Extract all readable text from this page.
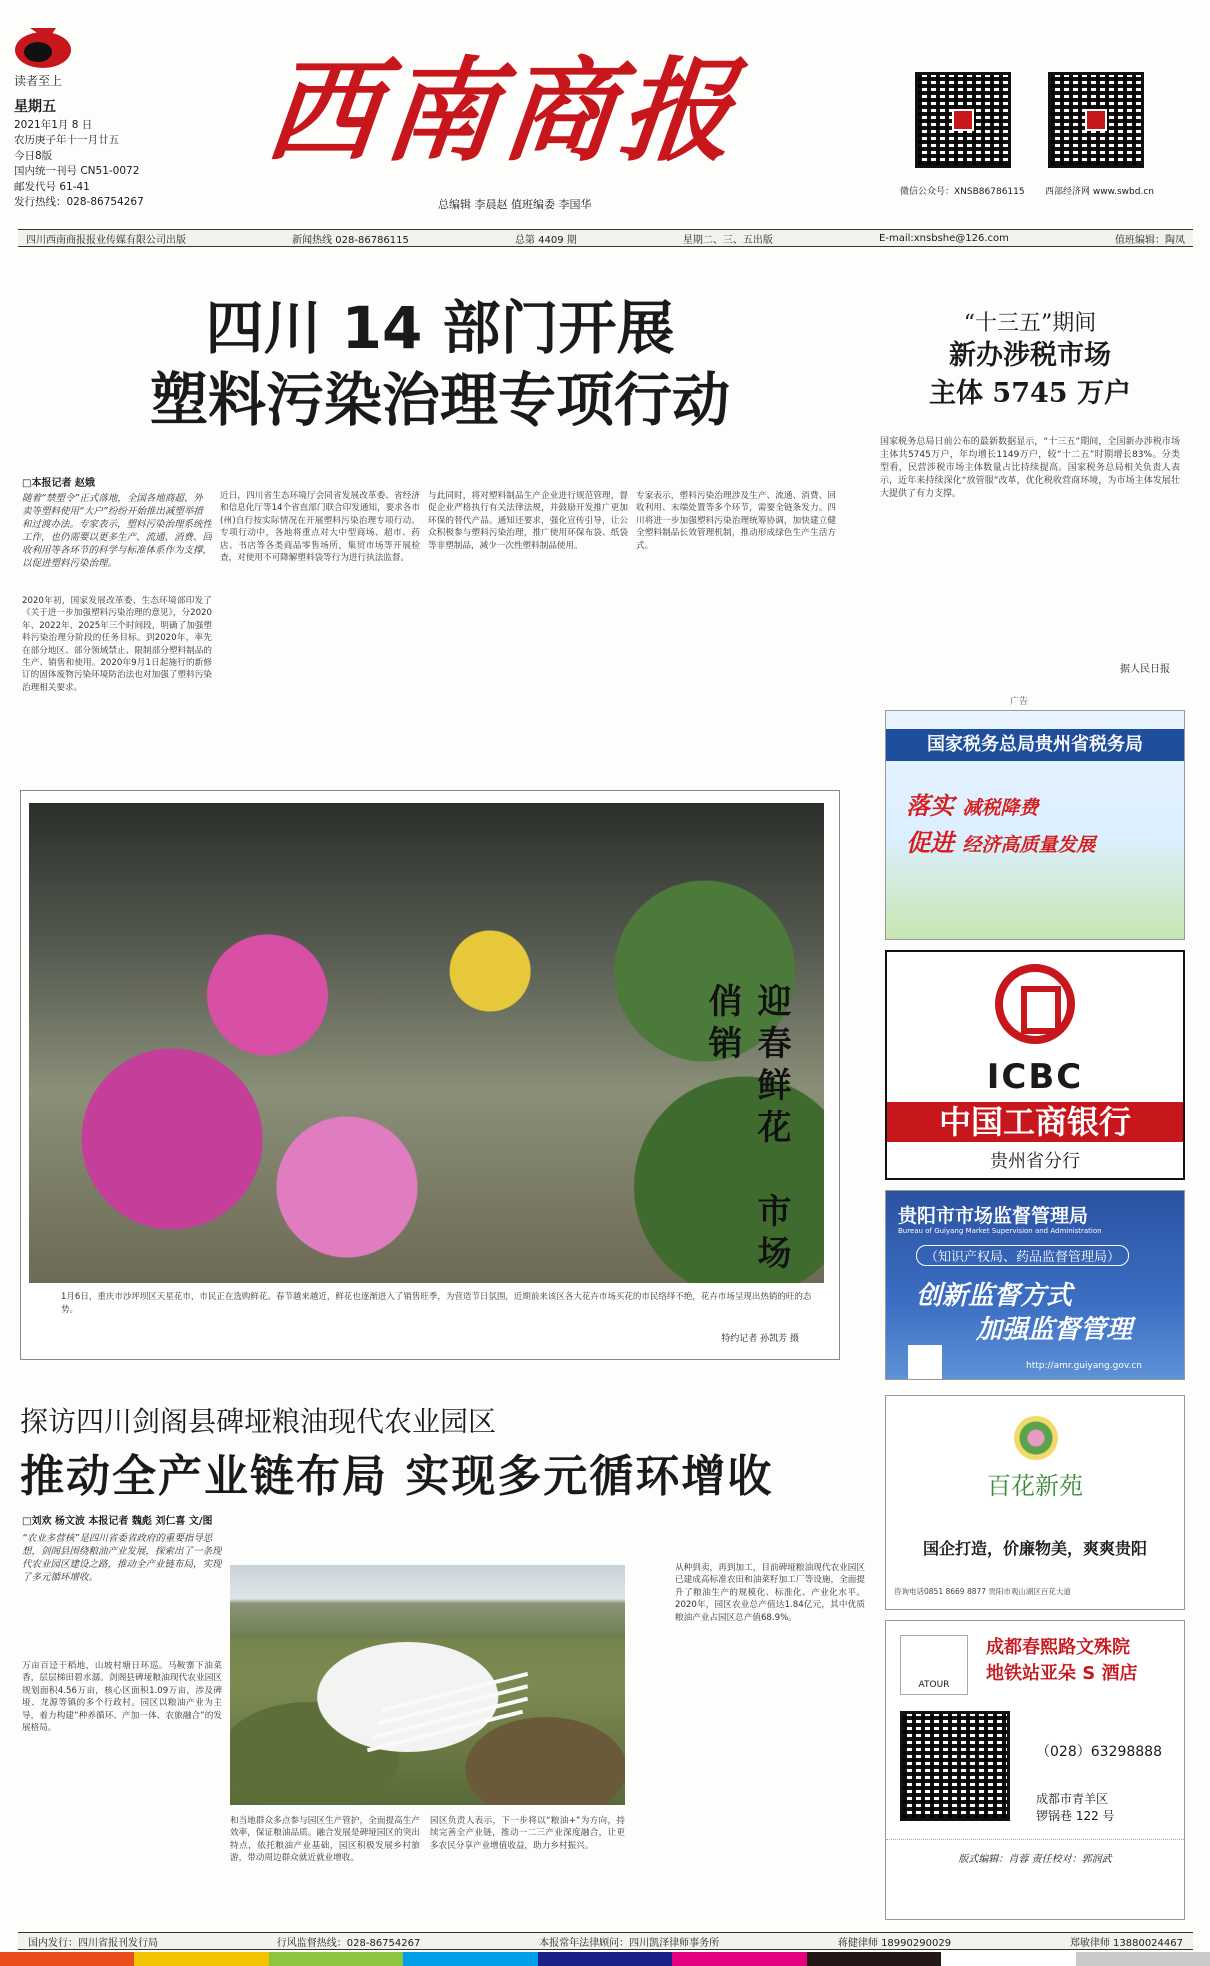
读者至上
星期五
2021年1月 8 日
农历庚子年十一月廿五
今日8版
国内统一刊号 CN51-0072
邮发代号 61-41
发行热线：028-86754267
西南商报
总编辑 李晨赵 值班编委 李国华
微信公众号：XNSB86786115 西部经济网 www.swbd.cn
四川西南商报报业传媒有限公司出版	新闻热线 028-86786115	总第 4409 期	星期二、三、五出版	E-mail:xnsbshe@126.com	值班编辑：陶凤
四川 14 部门开展
塑料污染治理专项行动
□本报记者 赵娥
随着“禁塑令”正式落地，全国各地商超、外卖等塑料使用“大户”纷纷开始推出减塑举措和过渡办法。专家表示，塑料污染治理系统性工作，也仍需要以更多生产、流通、消费、回收利用等各环节的科学与标准体系作为支撑，以促进塑料污染治理。
2020年初，国家发展改革委、生态环境部印发了《关于进一步加强塑料污染治理的意见》，分2020年、2022年、2025年三个时间段，明确了加强塑料污染治理分阶段的任务目标。到2020年，率先在部分地区、部分领域禁止、限制部分塑料制品的生产、销售和使用。2020年9月1日起施行的新修订的固体废物污染环境防治法也对加强了塑料污染治理相关要求。
近日，四川省生态环境厅会同省发展改革委、省经济和信息化厅等14个省直部门联合印发通知，要求各市(州)自行按实际情况在开展塑料污染治理专项行动。专项行动中，各地将重点对大中型商场、超市、药店、书店等各类商品零售场所，集贸市场等开展检查，对使用不可降解塑料袋等行为进行执法监督。
与此同时，将对塑料制品生产企业进行规范管理，督促企业严格执行有关法律法规，并鼓励开发推广更加环保的替代产品。通知还要求，强化宣传引导，让公众积极参与塑料污染治理，推广使用环保布袋、纸袋等非塑制品，减少一次性塑料制品使用。
专家表示，塑料污染治理涉及生产、流通、消费、回收利用、末端处置等多个环节，需要全链条发力。四川将进一步加强塑料污染治理统筹协调，加快建立健全塑料制品长效管理机制，推动形成绿色生产生活方式。
“十三五”期间
新办涉税市场
主体 5745 万户
国家税务总局日前公布的最新数据显示，“十三五”期间，全国新办涉税市场主体共5745万户，年均增长1149万户，较“十二五”时期增长83%。分类型看，民营涉税市场主体数量占比持续提高。国家税务总局相关负责人表示，近年来持续深化“放管服”改革，优化税收营商环境，为市场主体发展壮大提供了有力支撑。
据人民日报
迎春鲜花　市场俏销
1月6日，重庆市沙坪坝区天星花市，市民正在选购鲜花。春节越来越近，鲜花也逐渐进入了销售旺季，为营造节日氛围，近期前来该区各大花卉市场买花的市民络绎不绝，花卉市场呈现出热销的旺的态势。
特约记者 孙凯芳 摄
探访四川剑阁县碑垭粮油现代农业园区
推动全产业链布局 实现多元循环增收
□刘欢 杨文波 本报记者 魏彪 刘仁喜 文/图
“农业多营核”是四川省委省政府的重要指导思想，剑阁县围绕粮油产业发展，探索出了一条现代农业园区建设之路，推动全产业链布局，实现了多元循环增收。
万亩百迳干稻地，山坡村塘日环巡。马鞍寨下油菜香，层层梯田碧水潺。剑阁县碑垭粮油现代农业园区规划面积4.56万亩，核心区面积1.09万亩，涉及碑垭、龙源等镇的多个行政村。园区以粮油产业为主导，着力构建“种养循环、产加一体、农旅融合”的发展格局。
和当地群众多点参与园区生产管护，全面提高生产效率，保证粮油品质。融合发展是碑垭园区的突出特点，依托粮油产业基础，园区积极发展乡村旅游，带动周边群众就近就业增收。
园区负责人表示，下一步将以“粮油+”为方向，持续完善全产业链，推动一二三产业深度融合，让更多农民分享产业增值收益，助力乡村振兴。
从种到卖，再到加工，目前碑垭粮油现代农业园区已建成高标准农田和油菜籽加工厂等设施，全面提升了粮油生产的规模化、标准化、产业化水平。2020年，园区农业总产值达1.84亿元，其中优质粮油产业占园区总产值68.9%。
广告
国家税务总局贵州省税务局
落实 减税降费
促进 经济高质量发展
ICBC
中国工商银行
贵州省分行
贵阳市市场监督管理局
Bureau of Guiyang Market Supervision and Administration
（知识产权局、药品监督管理局）
创新监督方式
加强监督管理
http://amr.guiyang.gov.cn
百花新苑
国企打造，价廉物美，爽爽贵阳
咨询电话0851 8669 8877 贵阳市观山湖区百花大道
ATOUR
成都春熙路文殊院
地铁站亚朵 S 酒店
（028）63298888
成都市青羊区
锣锅巷 122 号
版式编辑：肖蓉 责任校对：郭润武
国内发行：四川省报刊发行局	行风监督热线：028-86754267	本报常年法律顾问：四川凯泽律师事务所	蒋健律师 18990290029	郑敏律师 13880024467
